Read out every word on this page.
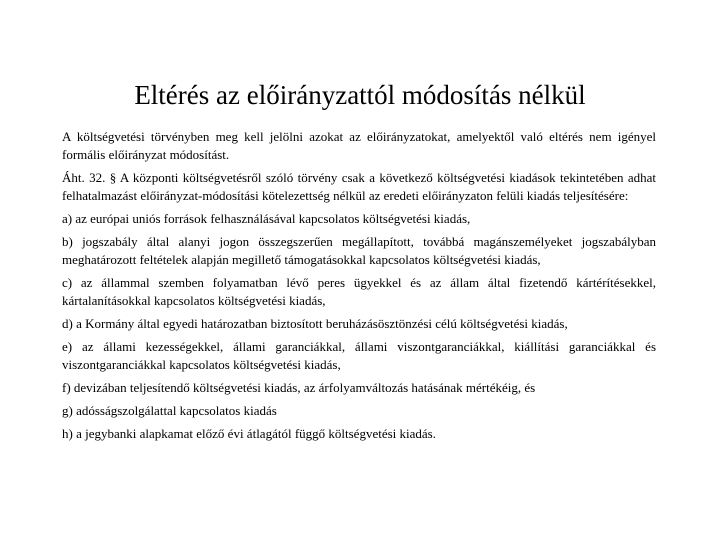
Eltérés az előirányzattól módosítás nélkül

A költségvetési törvényben meg kell jelölni azokat az előirányzatokat, amelyektől való eltérés nem igényel formális előirányzat módosítást.

Áht. 32. § A központi költségvetésről szóló törvény csak a következő költségvetési kiadások tekintetében adhat felhatalmazást előirányzat-módosítási kötelezettség nélkül az eredeti előirányzaton felüli kiadás teljesítésére:

a) az európai uniós források felhasználásával kapcsolatos költségvetési kiadás,

b) jogszabály által alanyi jogon összegszerűen megállapított, továbbá magánszemélyeket jogszabályban meghatározott feltételek alapján megillető támogatásokkal kapcsolatos költségvetési kiadás,

c) az állammal szemben folyamatban lévő peres ügyekkel és az állam által fizetendő kártérítésekkel, kártalanításokkal kapcsolatos költségvetési kiadás,

d) a Kormány által egyedi határozatban biztosított beruházásösztönzési célú költségvetési kiadás,

e) az állami kezességekkel, állami garanciákkal, állami viszontgaranciákkal, kiállítási garanciákkal és viszontgaranciákkal kapcsolatos költségvetési kiadás,

f) devizában teljesítendő költségvetési kiadás, az árfolyamváltozás hatásának mértékéig, és

g) adósságszolgálattal kapcsolatos kiadás

h) a jegybanki alapkamat előző évi átlagától függő költségvetési kiadás.
